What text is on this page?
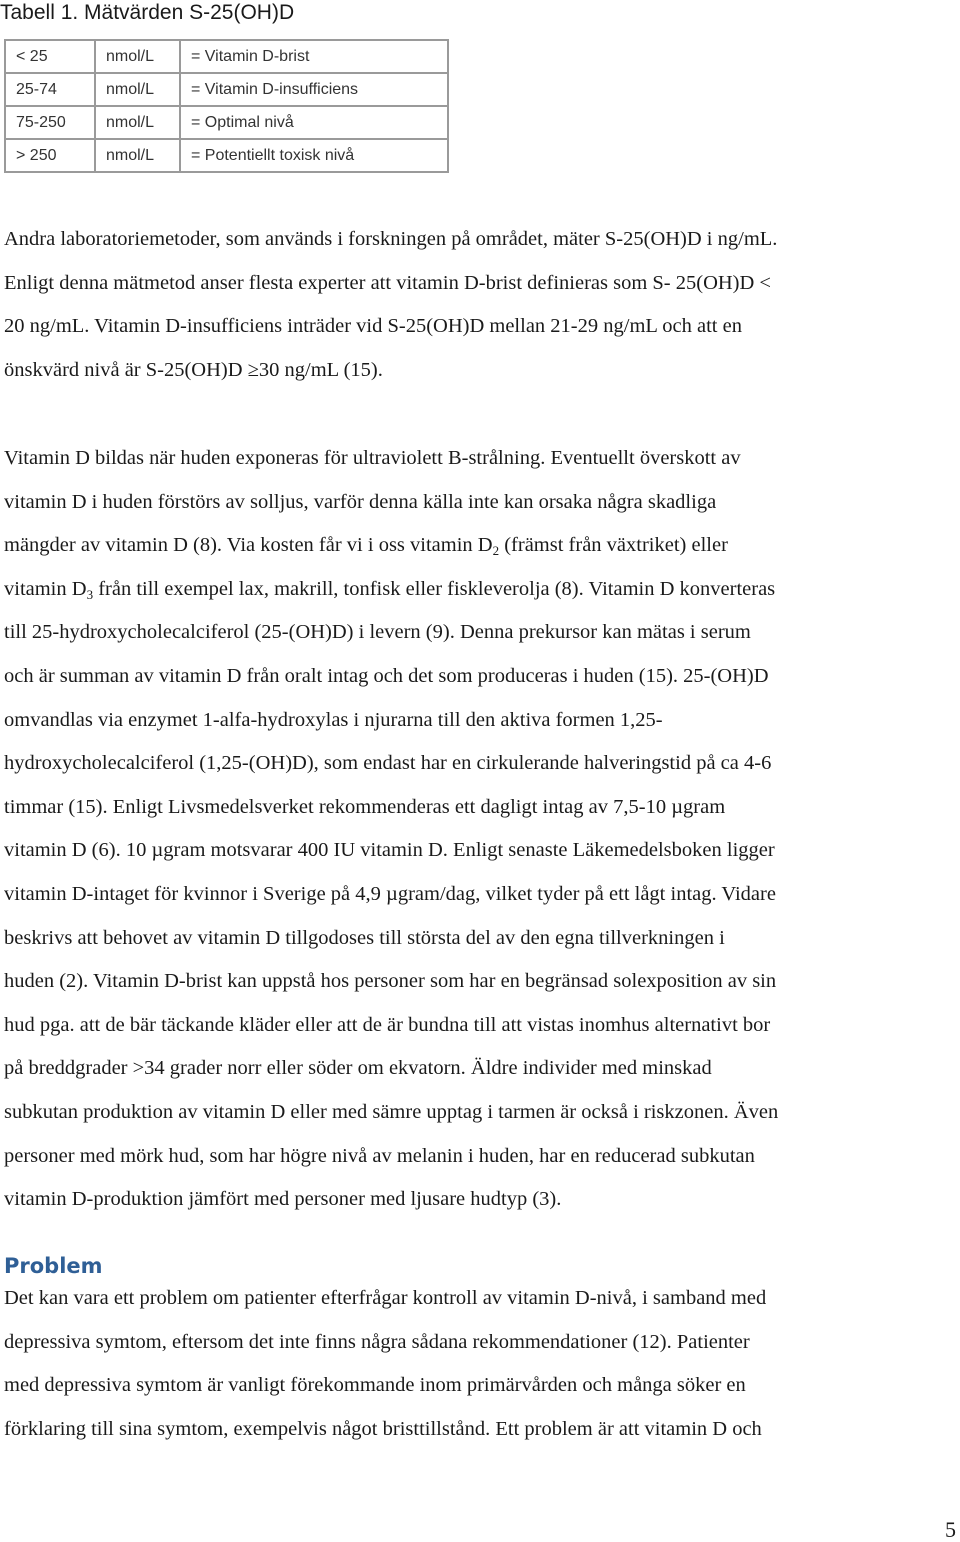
Tabell 1. Mätvärden S-25(OH)D
< 25	nmol/L	= Vitamin D-brist
25-74	nmol/L	= Vitamin D-insufficiens
75-250	nmol/L	= Optimal nivå
> 250	nmol/L	= Potentiellt toxisk nivå
Andra laboratoriemetoder, som används i forskningen på området, mäter S-25(OH)D i ng/mL.
Enligt denna mätmetod anser flesta experter att vitamin D-brist definieras som S- 25(OH)D <
20 ng/mL. Vitamin D-insufficiens inträder vid S-25(OH)D mellan 21-29 ng/mL och att en
önskvärd nivå är S-25(OH)D ≥30 ng/mL (15).
Vitamin D bildas när huden exponeras för ultraviolett B-strålning. Eventuellt överskott av
vitamin D i huden förstörs av solljus, varför denna källa inte kan orsaka några skadliga
mängder av vitamin D (8). Via kosten får vi i oss vitamin $D_2$ (främst från växtriket) eller
vitamin $D_3$ från till exempel lax, makrill, tonfisk eller fiskleverolja (8). Vitamin D konverteras
till 25-hydroxycholecalciferol (25-(OH)D) i levern (9). Denna prekursor kan mätas i serum
och är summan av vitamin D från oralt intag och det som produceras i huden (15). 25-(OH)D
omvandlas via enzymet 1-alfa-hydroxylas i njurarna till den aktiva formen 1,25-
hydroxycholecalciferol (1,25-(OH)D), som endast har en cirkulerande halveringstid på ca 4-6
timmar (15). Enligt Livsmedelsverket rekommenderas ett dagligt intag av 7,5-10 µgram
vitamin D (6). 10 µgram motsvarar 400 IU vitamin D. Enligt senaste Läkemedelsboken ligger
vitamin D-intaget för kvinnor i Sverige på 4,9 µgram/dag, vilket tyder på ett lågt intag. Vidare
beskrivs att behovet av vitamin D tillgodoses till största del av den egna tillverkningen i
huden (2). Vitamin D-brist kan uppstå hos personer som har en begränsad solexposition av sin
hud pga. att de bär täckande kläder eller att de är bundna till att vistas inomhus alternativt bor
på breddgrader >34 grader norr eller söder om ekvatorn. Äldre individer med minskad
subkutan produktion av vitamin D eller med sämre upptag i tarmen är också i riskzonen. Även
personer med mörk hud, som har högre nivå av melanin i huden, har en reducerad subkutan
vitamin D-produktion jämfört med personer med ljusare hudtyp (3).
Problem
Det kan vara ett problem om patienter efterfrågar kontroll av vitamin D-nivå, i samband med
depressiva symtom, eftersom det inte finns några sådana rekommendationer (12). Patienter
med depressiva symtom är vanligt förekommande inom primärvården och många söker en
förklaring till sina symtom, exempelvis något bristtillstånd. Ett problem är att vitamin D och
5
